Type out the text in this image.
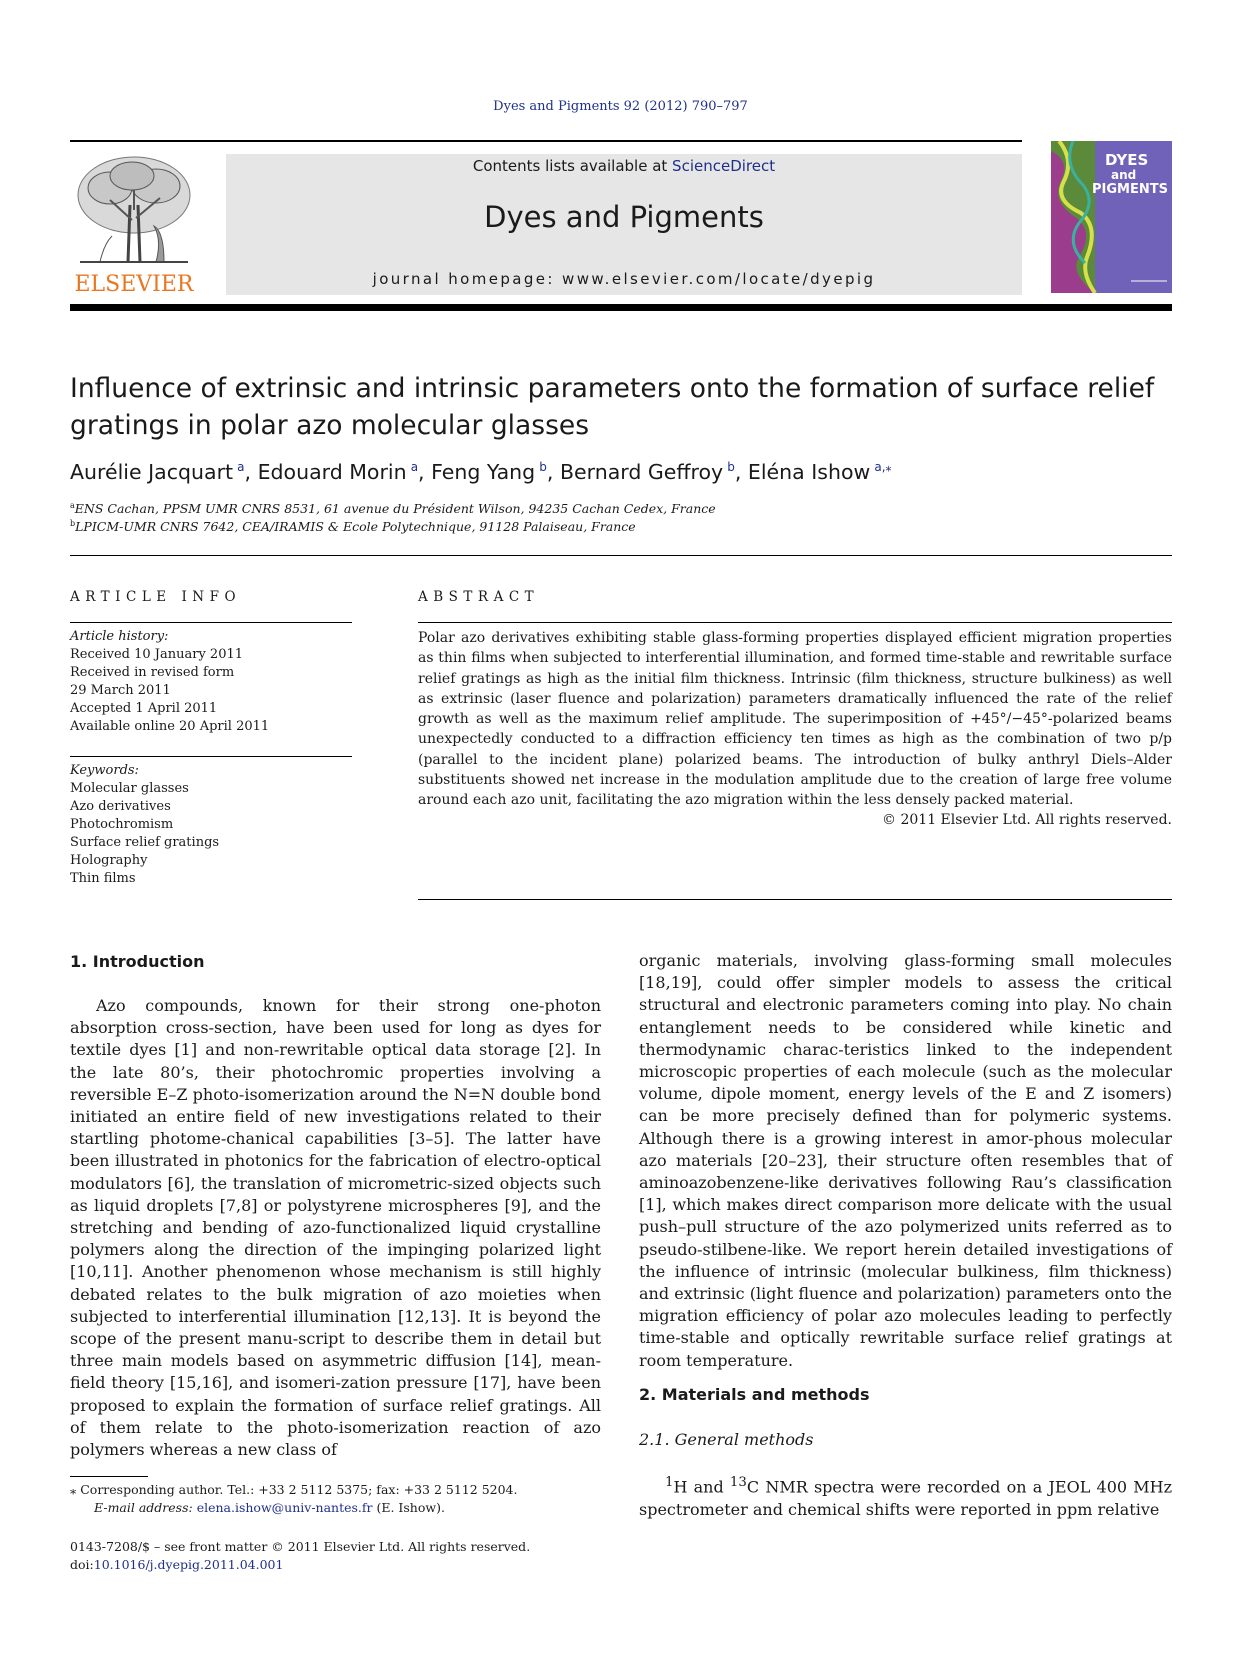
Dyes and Pigments 92 (2012) 790–797
ELSEVIER
Contents lists available at ScienceDirect
Dyes and Pigments
journal homepage: www.elsevier.com/locate/dyepig
DYES
and
PIGMENTS
Influence of extrinsic and intrinsic parameters onto the formation of surface relief gratings in polar azo molecular glasses
Aurélie Jacquart  $^a$, Edouard Morin  $^a$, Feng Yang  $^b$, Bernard Geffroy  $^b$, Eléna Ishow  $^{a,⁎}$
$^a$ENS Cachan, PPSM UMR CNRS 8531, 61 avenue du Président Wilson, 94235 Cachan Cedex, France
$^b$LPICM-UMR CNRS 7642, CEA/IRAMIS & Ecole Polytechnique, 91128 Palaiseau, France
ARTICLE INFO
Article history:
Received 10 January 2011
Received in revised form
29 March 2011
Accepted 1 April 2011
Available online 20 April 2011
Keywords:
Molecular glasses
Azo derivatives
Photochromism
Surface relief gratings
Holography
Thin films
ABSTRACT
Polar azo derivatives exhibiting stable glass-forming properties displayed efficient migration properties as thin films when subjected to interferential illumination, and formed time-stable and rewritable surface relief gratings as high as the initial film thickness. Intrinsic (film thickness, structure bulkiness) as well as extrinsic (laser fluence and polarization) parameters dramatically influenced the rate of the relief growth as well as the maximum relief amplitude. The superimposition of +45°/−45°-polarized beams unexpectedly conducted to a diffraction efficiency ten times as high as the combination of two p/p (parallel to the incident plane) polarized beams. The introduction of bulky anthryl Diels–Alder substituents showed net increase in the modulation amplitude due to the creation of large free volume around each azo unit, facilitating the azo migration within the less densely packed material.
© 2011 Elsevier Ltd. All rights reserved.
1. Introduction

Azo compounds, known for their strong one-photon absorption cross-section, have been used for long as dyes for textile dyes [1] and non-rewritable optical data storage [2]. In the late 80’s, their photochromic properties involving a reversible E–Z photo-isomerization around the N=N double bond initiated an entire field of new investigations related to their startling photome-chanical capabilities [3–5]. The latter have been illustrated in photonics for the fabrication of electro-optical modulators [6], the translation of micrometric-sized objects such as liquid droplets [7,8] or polystyrene microspheres [9], and the stretching and bending of azo-functionalized liquid crystalline polymers along the direction of the impinging polarized light [10,11]. Another phenomenon whose mechanism is still highly debated relates to the bulk migration of azo moieties when subjected to interferential illumination [12,13]. It is beyond the scope of the present manu-script to describe them in detail but three main models based on asymmetric diffusion [14], mean-field theory [15,16], and isomeri-zation pressure [17], have been proposed to explain the formation of surface relief gratings. All of them relate to the photo-isomerization reaction of azo polymers whereas a new class of

organic materials, involving glass-forming small molecules [18,19], could offer simpler models to assess the critical structural and electronic parameters coming into play. No chain entanglement needs to be considered while kinetic and thermodynamic charac-teristics linked to the independent microscopic properties of each molecule (such as the molecular volume, dipole moment, energy levels of the E and Z isomers) can be more precisely defined than for polymeric systems. Although there is a growing interest in amor-phous molecular azo materials [20–23], their structure often resembles that of aminoazobenzene-like derivatives following Rau’s classification [1], which makes direct comparison more delicate with the usual push–pull structure of the azo polymerized units referred as to pseudo-stilbene-like. We report herein detailed investigations of the influence of intrinsic (molecular bulkiness, film thickness) and extrinsic (light fluence and polarization) parameters onto the migration efficiency of polar azo molecules leading to perfectly time-stable and optically rewritable surface relief gratings at room temperature.

2. Materials and methods
2.1. General methods

$^1$H and $^{13}$C NMR spectra were recorded on a JEOL 400 MHz spectrometer and chemical shifts were reported in ppm relative

⁎ Corresponding author. Tel.: +33 2 5112 5375; fax: +33 2 5112 5204.
E-mail address: elena.ishow@univ-nantes.fr (E. Ishow).
0143-7208/$ – see front matter © 2011 Elsevier Ltd. All rights reserved.
doi:10.1016/j.dyepig.2011.04.001
